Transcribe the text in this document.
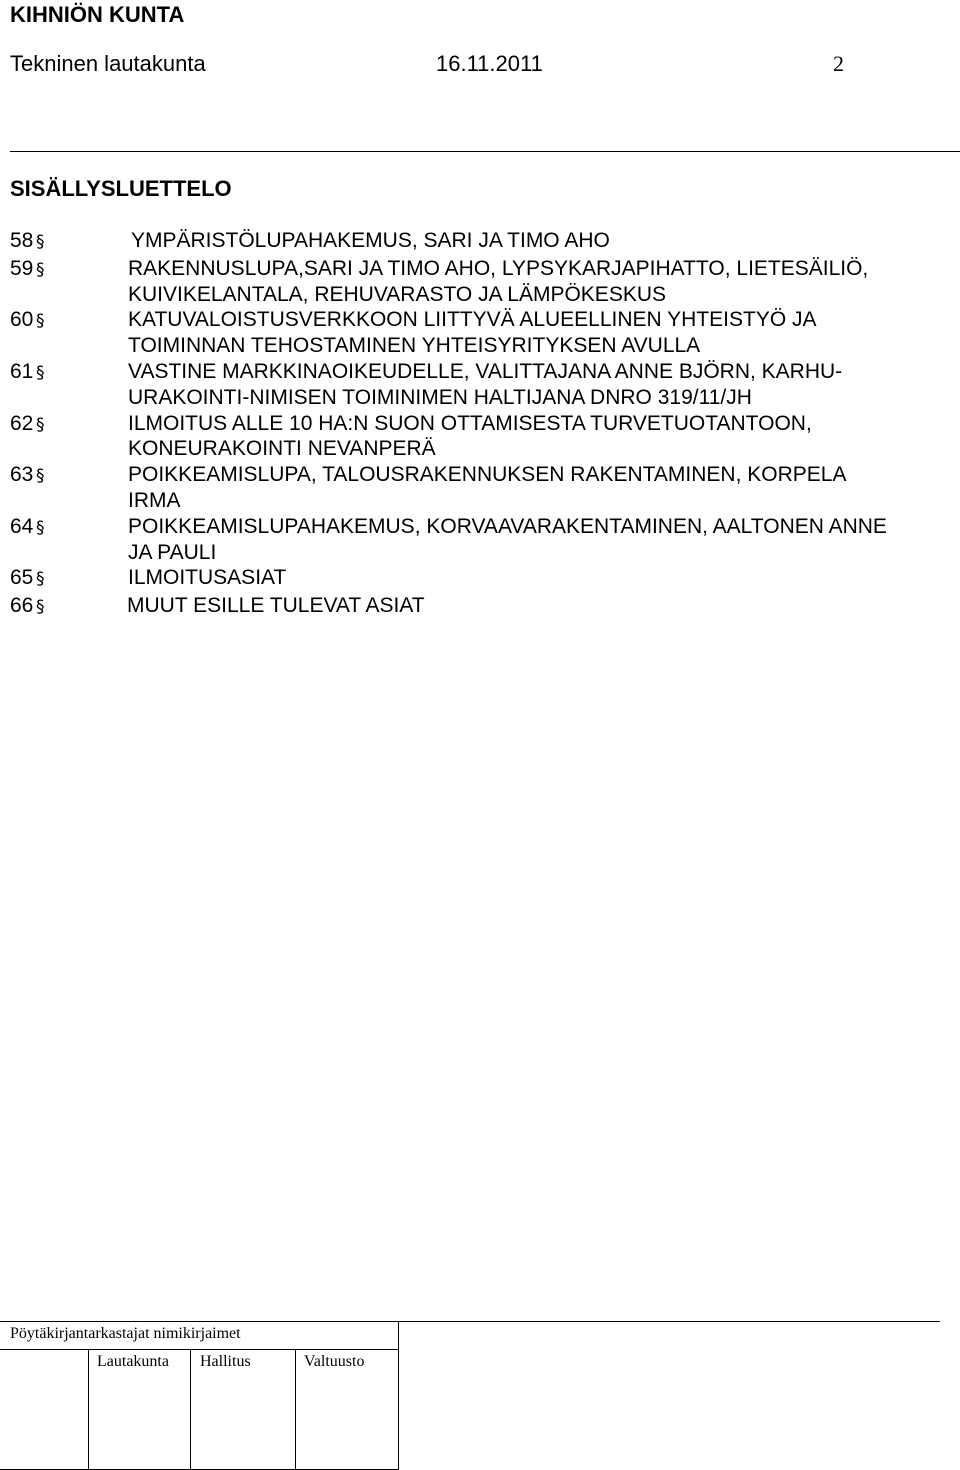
KIHNIÖN KUNTA
Tekninen lautakunta	16.11.2011	2
SISÄLLYSLUETTELO
58 §	YMPÄRISTÖLUPAHAKEMUS, SARI JA TIMO AHO
59 §	RAKENNUSLUPA,SARI JA TIMO AHO, LYPSYKARJAPIHATTO, LIETESÄILIÖ,
KUIVIKELANTALA, REHUVARASTO JA LÄMPÖKESKUS
60 §	KATUVALOISTUSVERKKOON LIITTYVÄ ALUEELLINEN YHTEISTYÖ JA
TOIMINNAN TEHOSTAMINEN YHTEISYRITYKSEN AVULLA
61 §	VASTINE MARKKINAOIKEUDELLE, VALITTAJANA ANNE BJÖRN, KARHU-
URAKOINTI-NIMISEN TOIMINIMEN HALTIJANA DNRO 319/11/JH
62 §	ILMOITUS ALLE 10 HA:N SUON OTTAMISESTA TURVETUOTANTOON,
KONEURAKOINTI NEVANPERÄ
63 §	POIKKEAMISLUPA, TALOUSRAKENNUKSEN RAKENTAMINEN, KORPELA
IRMA
64 §	POIKKEAMISLUPAHAKEMUS, KORVAAVARAKENTAMINEN, AALTONEN ANNE
JA PAULI
65 §	ILMOITUSASIAT
66 §	MUUT ESILLE TULEVAT ASIAT
Pöytäkirjantarkastajat nimikirjaimet
Lautakunta Hallitus	Valtuusto
